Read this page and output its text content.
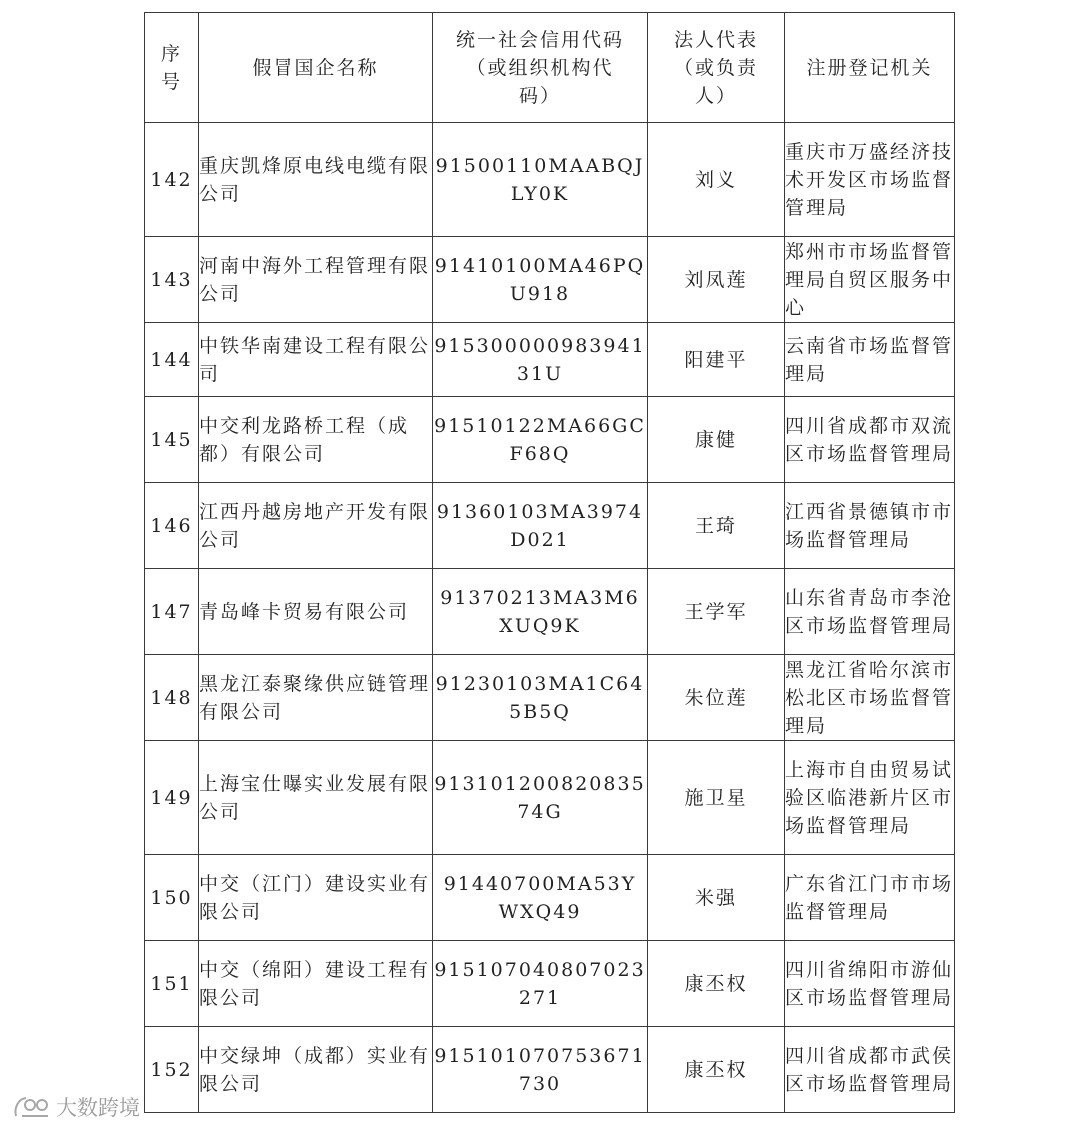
序号	假冒国企名称	统一社会信用代码（或组织机构代码）	法人代表（或负责人）	注册登记机关
142	重庆凯烽原电线电缆有限公司	91500110MAABQJLY0K	刘义	重庆市万盛经济技术开发区市场监督管理局
143	河南中海外工程管理有限公司	91410100MA46PQU918	刘凤莲	郑州市市场监督管理局自贸区服务中心
144	中铁华南建设工程有限公司	91530000098394131U	阳建平	云南省市场监督管理局
145	中交利龙路桥工程（成都）有限公司	91510122MA66GCF68Q	康健	四川省成都市双流区市场监督管理局
146	江西丹越房地产开发有限公司	91360103MA3974D021	王琦	江西省景德镇市市场监督管理局
147	青岛峰卡贸易有限公司	91370213MA3M6XUQ9K	王学军	山东省青岛市李沧区市场监督管理局
148	黑龙江泰聚缘供应链管理有限公司	91230103MA1C645B5Q	朱位莲	黑龙江省哈尔滨市松北区市场监督管理局
149	上海宝仕曝实业发展有限公司	91310120082083574G	施卫星	上海市自由贸易试验区临港新片区市场监督管理局
150	中交（江门）建设实业有限公司	91440700MA53YWXQ49	米强	广东省江门市市场监督管理局
151	中交（绵阳）建设工程有限公司	915107040807023271	康丕权	四川省绵阳市游仙区市场监督管理局
152	中交绿坤（成都）实业有限公司	915101070753671730	康丕权	四川省成都市武侯区市场监督管理局
大数跨境
